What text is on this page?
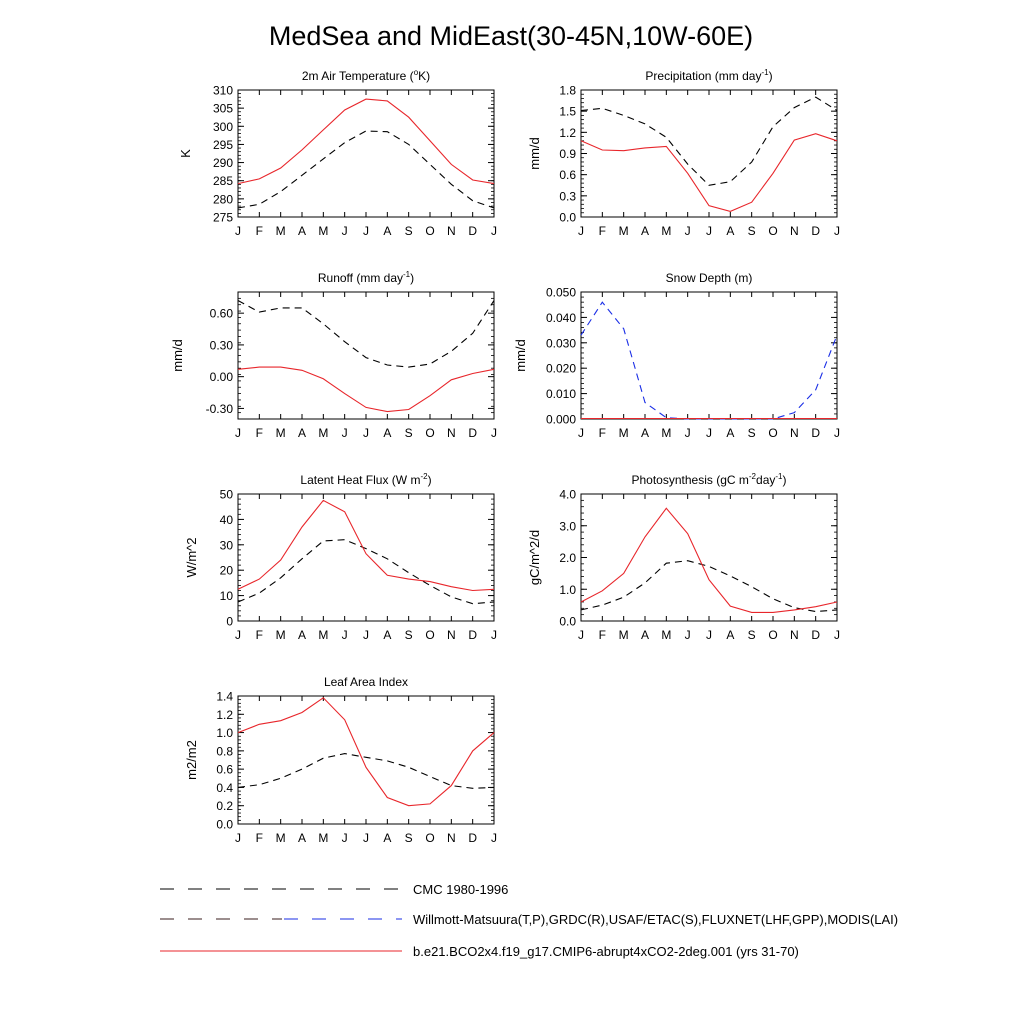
MedSea and MidEast(30-45N,10W-60E)
J F M A M J J A S O N D J
275
280
285
290
295
300
305
310
K
2m Air Temperature ($^o$K)
J F M A M J J A S O N D J
0.0
0.3
0.6
0.9
1.2
1.5
1.8
mm/d
Precipitation (mm day$^{-1}$)
J F M A M J J A S O N D J
-0.30
0.00
0.30
0.60
mm/d
Runoff (mm day$^{-1}$)
J F M A M J J A S O N D J
0.000
0.010
0.020
0.030
0.040
0.050
mm/d
Snow Depth (m)
J F M A M J J A S O N D J
0
10
20
30
40
50
W/m^2
Latent Heat Flux (W $m^{-2}$)
J F M A M J J A S O N D J
0.0
1.0
2.0
3.0
4.0
gC/m^2/d
Photosynthesis (gC $m^{-2}day^{-1}$)
J F M A M J J A S O N D J
0.0
0.2
0.4
0.6
0.8
1.0
1.2
1.4
m2/m2
Leaf Area Index
CMC 1980-1996
Willmott-Matsuura(T,P),GRDC(R),USAF/ETAC(S),FLUXNET(LHF,GPP),MODIS(LAI)
b.e21.BCO2x4.f19_g17.CMIP6-abrupt4xCO2-2deg.001 (yrs 31-70)
